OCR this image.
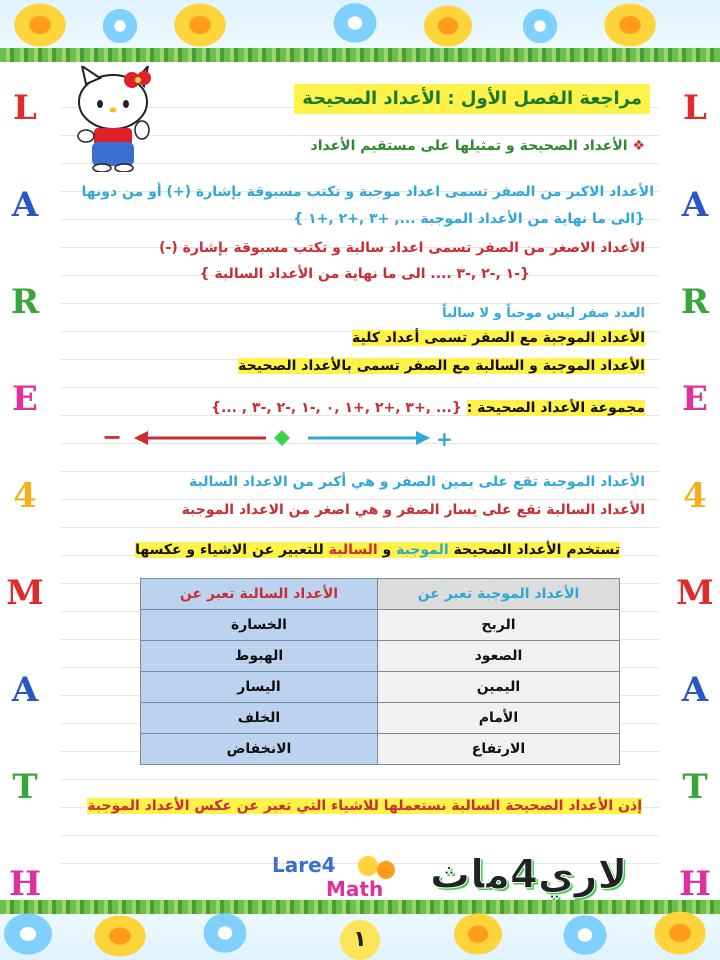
L
A
R
E
4
M
A
T
H
L
A
R
E
4
M
A
T
H
مراجعة الفصل الأول : الأعداد الصحيحة
❖ الأعداد الصحيحة و تمثيلها على مستقيم الأعداد
الأعداد الاكبر من الصفر تسمى اعداد موجبة و تكتب مسبوقة بإشارة (+) أو من دونها
{الى ما نهاية من الأعداد الموجبة ..., +٣ ,+٢ ,+١ }
الأعداد الاصغر من الصفر تسمى اعداد سالبة و تكتب مسبوقة بإشارة (-)
{-١ ,-٢ ,-٣ .... الى ما نهاية من الأعداد السالبة }
العدد صفر ليس موجباً و لا سالباً
الأعداد الموجبة مع الصفر تسمى أعداد كلية
الأعداد الموجبة و السالبة مع الصفر تسمى بالأعداد الصحيحة
مجموعة الأعداد الصحيحة : {... ,+٣ ,+٢ ,+١ ,٠ ,-١ ,-٢ ,-٣ , ...}
−	+
الأعداد الموجبة تقع على يمين الصفر و هي أكبر من الاعداد السالبة
الأعداد السالبة تقع على يسار الصفر و هي اصغر من الاعداد الموجبة
تستخدم الأعداد الصحيحة الموجبة و السالبة للتعبير عن الاشياء و عكسها
الأعداد الموجبة تعبر عن	الأعداد السالبة تعبر عن
الربح	الخسارة
الصعود	الهبوط
اليمين	اليسار
الأمام	الخلف
الارتفاع	الانخفاض
إذن الأعداد الصحيحة السالبة نستعملها للاشياء التي تعبر عن عكس الأعداد الموجبة
Lare4
Math لاري4ماث
١
